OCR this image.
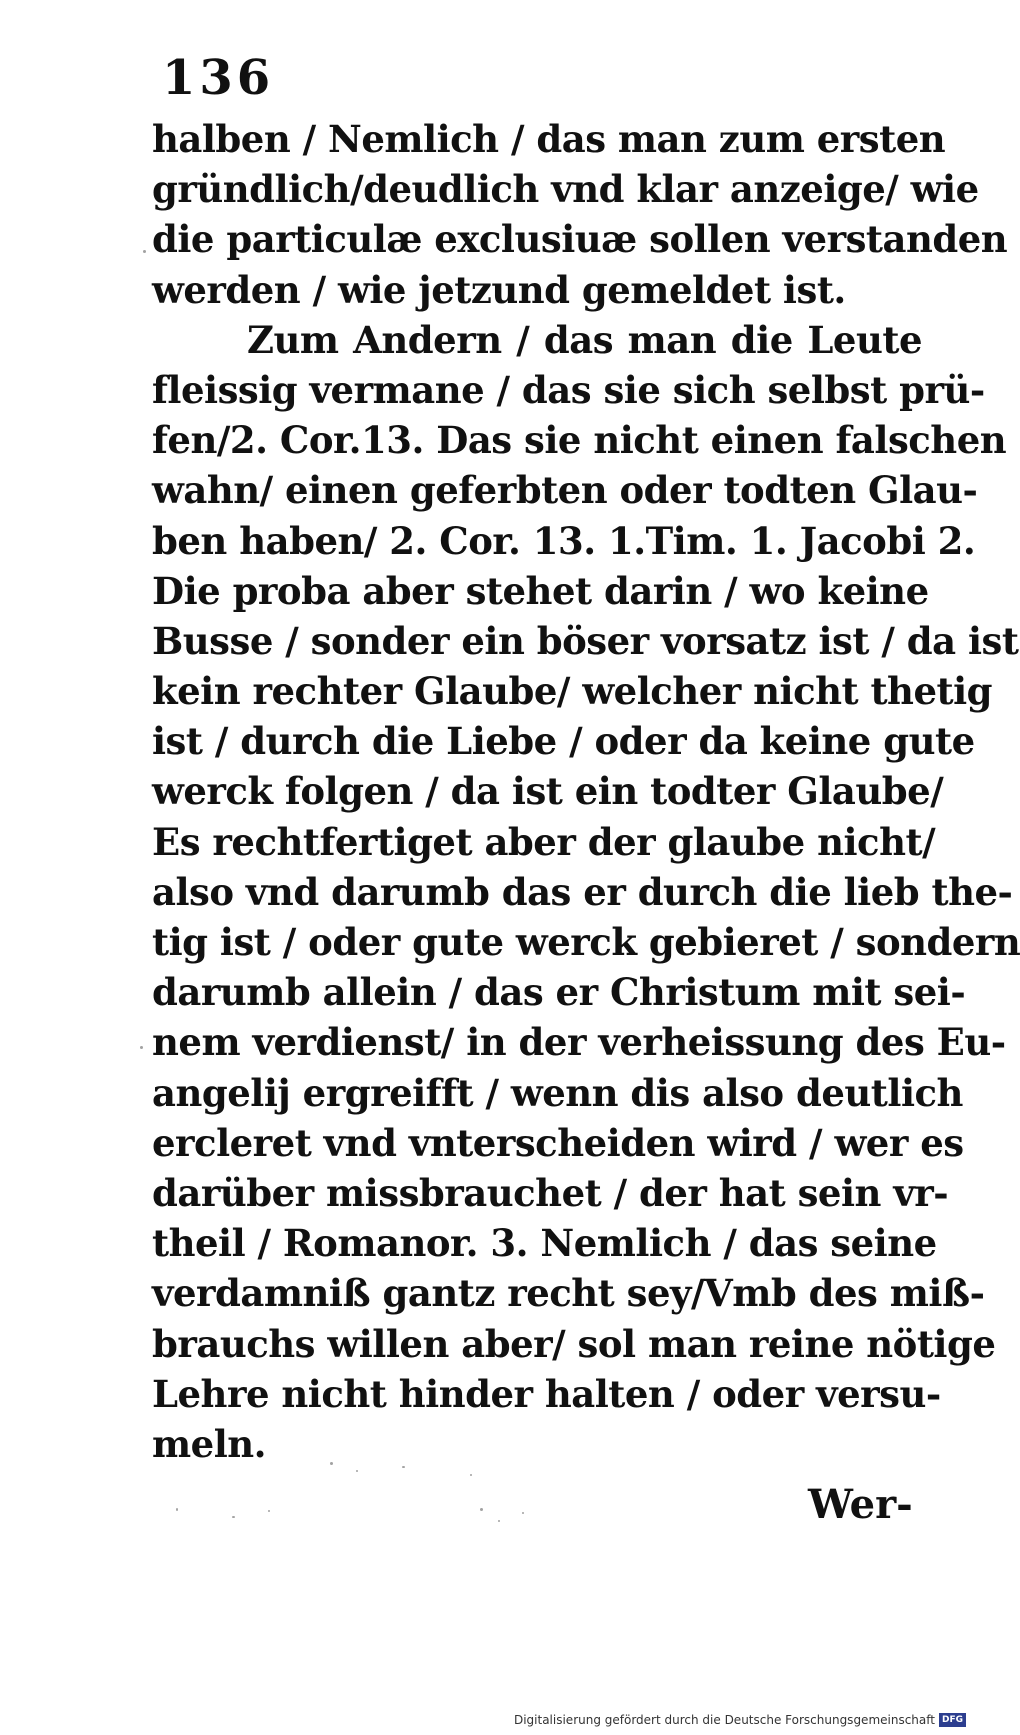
136
halben / Nemlich / das man zum ersten
gründlich/deudlich vnd klar anzeige/ wie
die particulæ exclusiuæ sollen verstanden
werden / wie jetzund gemeldet ist.
Zum Andern / das man die Leute
fleissig vermane / das sie sich selbst prü-
fen/2. Cor.13. Das sie nicht einen falschen
wahn/ einen geferbten oder todten Glau-
ben haben/ 2. Cor. 13. 1.Tim. 1. Jacobi 2.
Die proba aber stehet darin / wo keine
Busse / sonder ein böser vorsatz ist / da ist
kein rechter Glaube/ welcher nicht thetig
ist / durch die Liebe / oder da keine gute
werck folgen / da ist ein todter Glaube/
Es rechtfertiget aber der glaube nicht/
also vnd darumb das er durch die lieb the-
tig ist / oder gute werck gebieret / sondern
darumb allein / das er Christum mit sei-
nem verdienst/ in der verheissung des Eu-
angelij ergreifft / wenn dis also deutlich
ercleret vnd vnterscheiden wird / wer es
darüber missbrauchet / der hat sein vr-
theil / Romanor. 3. Nemlich / das seine
verdamniß gantz recht sey/Vmb des miß-
brauchs willen aber/ sol man reine nötige
Lehre nicht hinder halten / oder versu-
meln.
Wer-
Digitalisierung gefördert durch die Deutsche Forschungsgemeinschaft DFG
